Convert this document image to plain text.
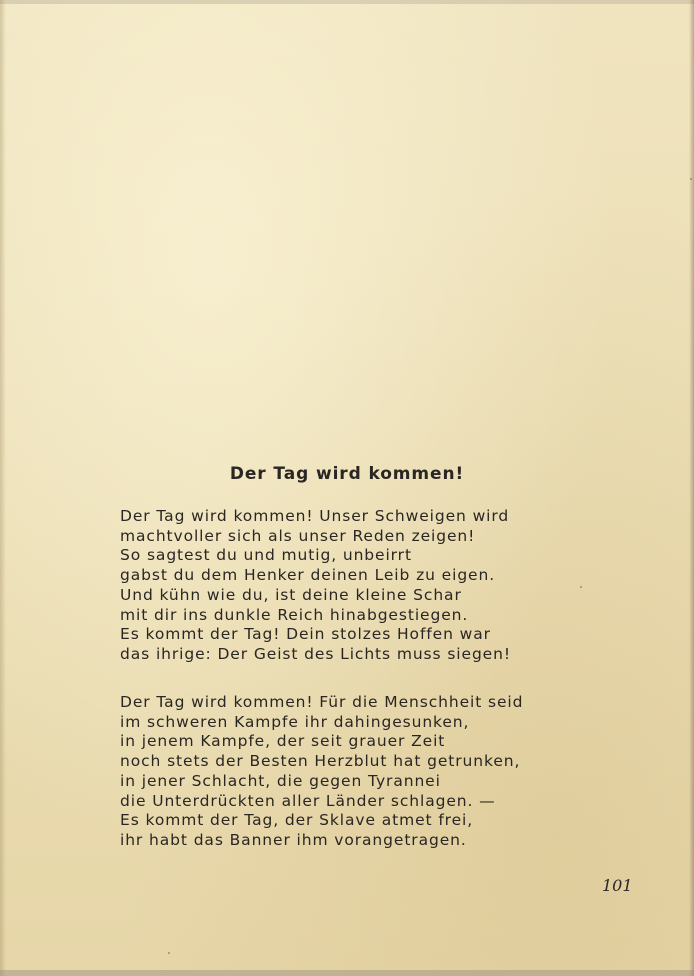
Der Tag wird kommen!
Der Tag wird kommen! Unser Schweigen wird
machtvoller sich als unser Reden zeigen!
So sagtest du und mutig, unbeirrt
gabst du dem Henker deinen Leib zu eigen.
Und kühn wie du, ist deine kleine Schar
mit dir ins dunkle Reich hinabgestiegen.
Es kommt der Tag! Dein stolzes Hoffen war
das ihrige: Der Geist des Lichts muss siegen!
Der Tag wird kommen! Für die Menschheit seid
im schweren Kampfe ihr dahingesunken,
in jenem Kampfe, der seit grauer Zeit
noch stets der Besten Herzblut hat getrunken,
in jener Schlacht, die gegen Tyrannei
die Unterdrückten aller Länder schlagen. —
Es kommt der Tag, der Sklave atmet frei,
ihr habt das Banner ihm vorangetragen.
101
